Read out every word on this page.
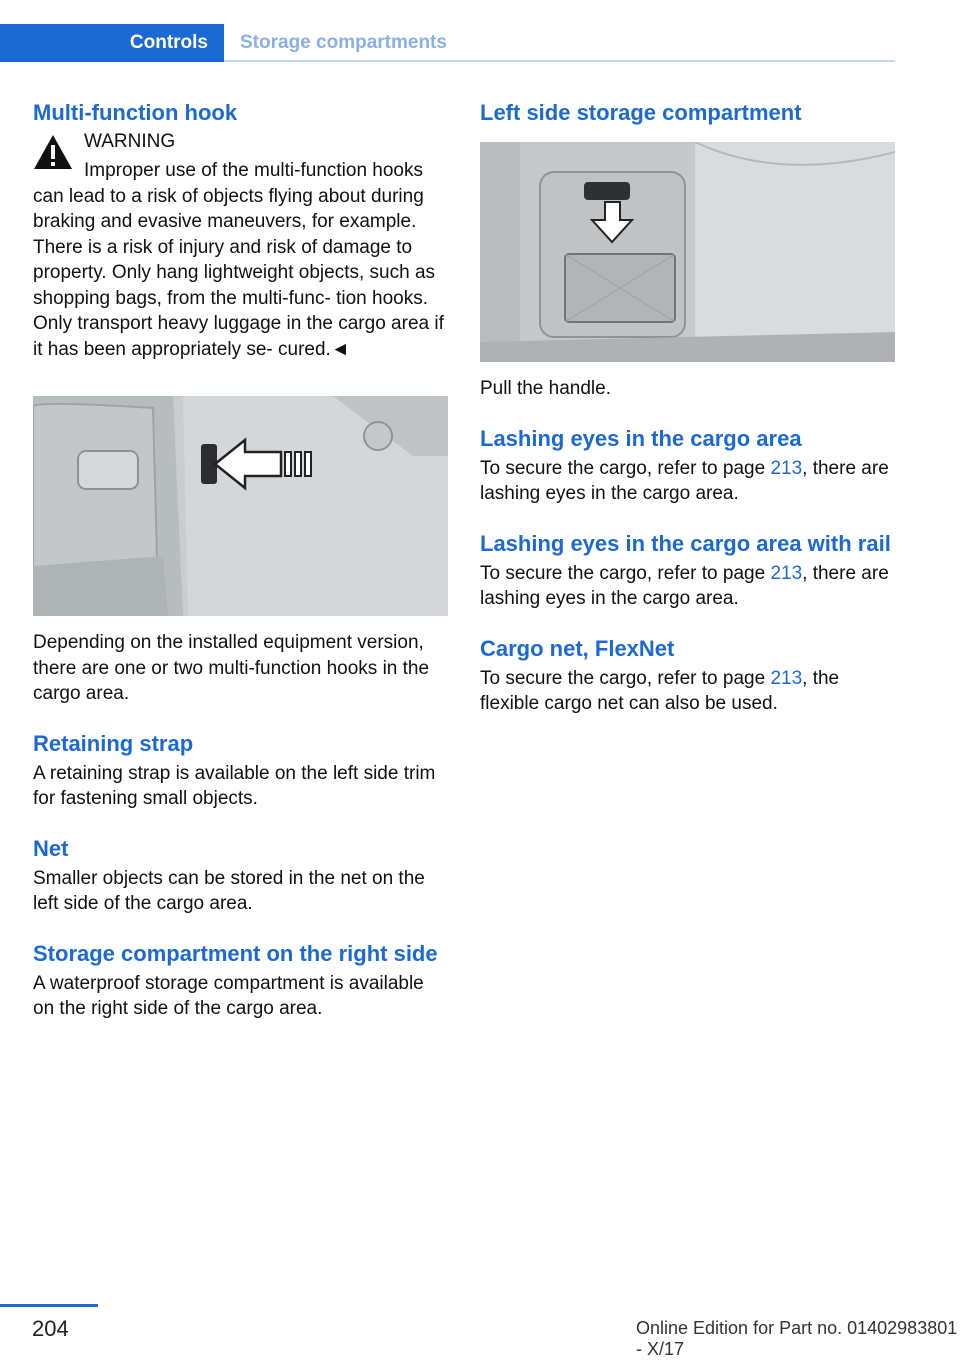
Controls	Storage compartments
Multi-function hook
WARNING

Improper use of the multi-function hooks can lead to a risk of objects flying about during braking and evasive maneuvers, for example. There is a risk of injury and risk of damage to property. Only hang lightweight objects, such as shopping bags, from the multi-func- tion hooks. Only transport heavy luggage in the cargo area if it has been appropriately se- cured.◄

Depending on the installed equipment version, there are one or two multi-function hooks in the cargo area.

Retaining strap

A retaining strap is available on the left side trim for fastening small objects.

Net

Smaller objects can be stored in the net on the left side of the cargo area.

Storage compartment on the right side

A waterproof storage compartment is available on the right side of the cargo area.

Left side storage compartment

Pull the handle.

Lashing eyes in the cargo area

To secure the cargo, refer to page 213, there are lashing eyes in the cargo area.

Lashing eyes in the cargo area with rail

To secure the cargo, refer to page 213, there are lashing eyes in the cargo area.

Cargo net, FlexNet

To secure the cargo, refer to page 213, the flexible cargo net can also be used.

204	Online Edition for Part no. 01402983801 - X/17
